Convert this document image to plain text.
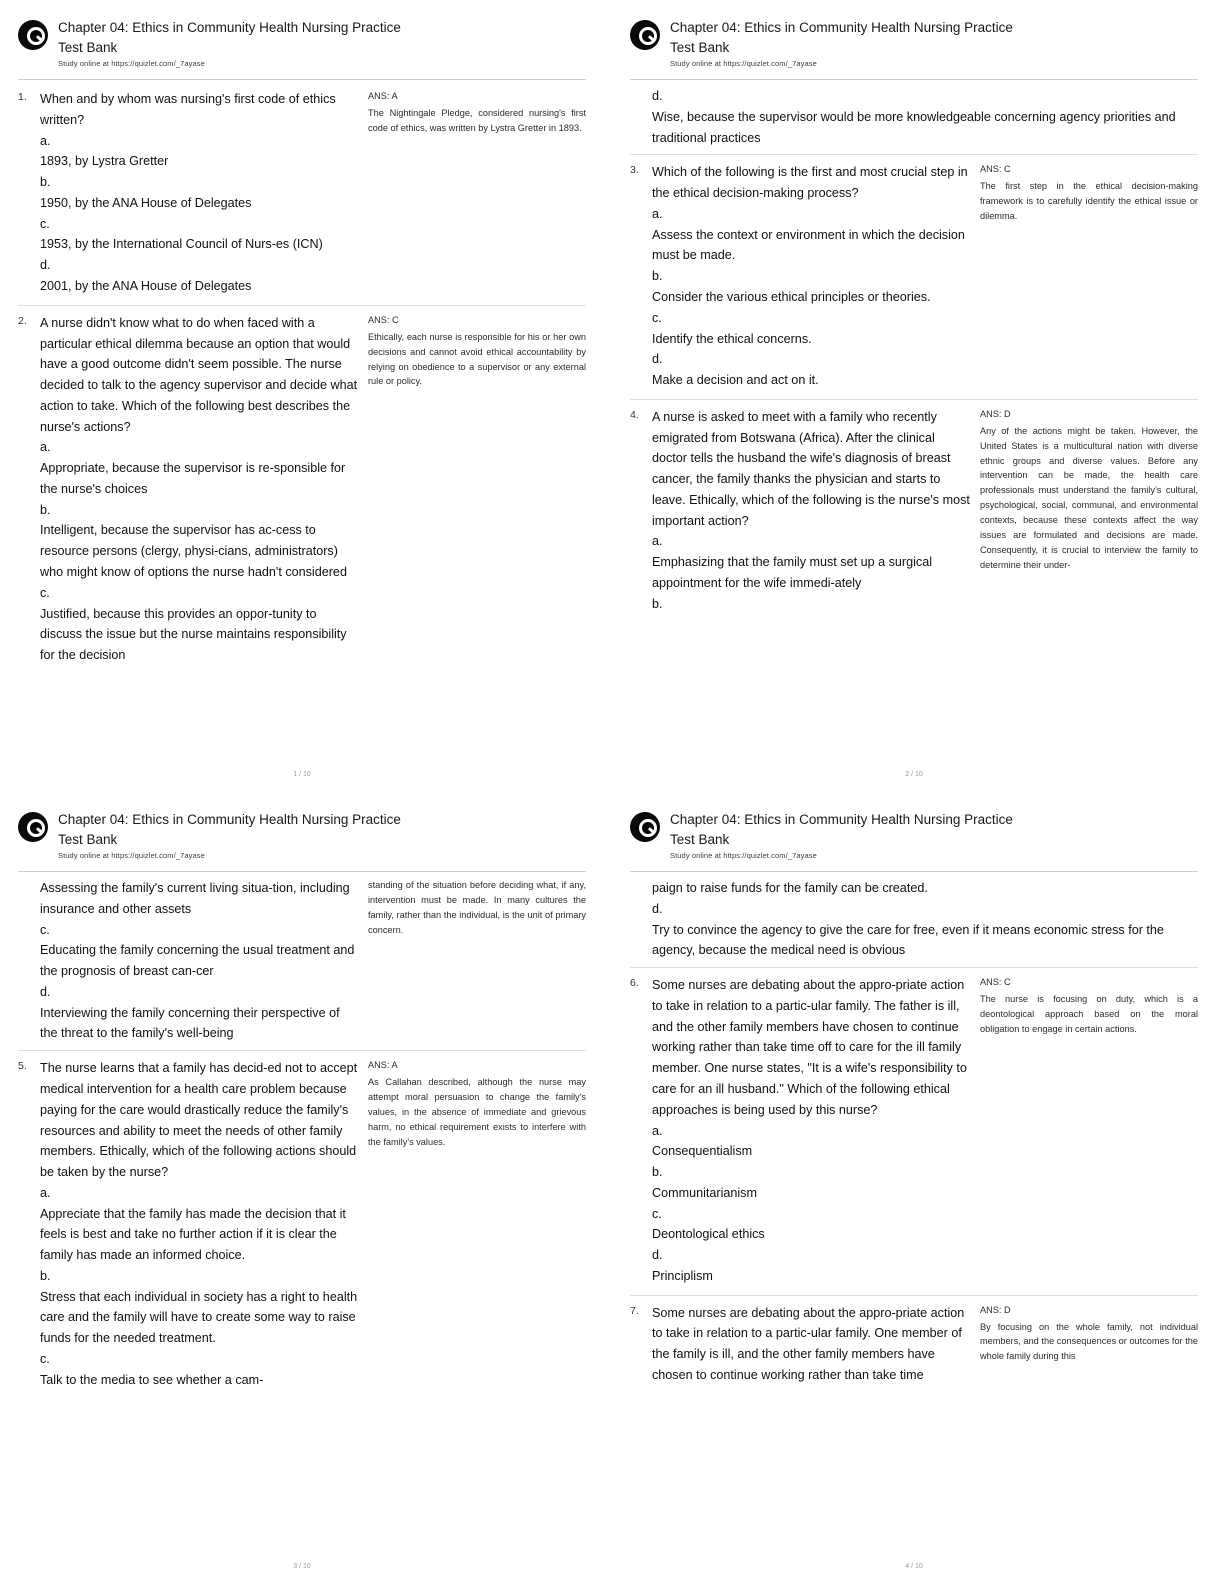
Chapter 04: Ethics in Community Health Nursing Practice
Test Bank
Study online at https://quizlet.com/_7ayase
1.	When and by whom was nursing's first code of ethics written?
a.
1893, by Lystra Gretter
b.
1950, by the ANA House of Delegates
c.
1953, by the International Council of Nurs-es (ICN)
d.
2001, by the ANA House of Delegates
ANS: A
The Nightingale Pledge, considered nursing's first code of ethics, was written by Lystra Gretter in 1893.
2.	A nurse didn't know what to do when faced with a particular ethical dilemma because an option that would have a good outcome didn't seem possible. The nurse decided to talk to the agency supervisor and decide what action to take. Which of the following best describes the nurse's actions?
a.
Appropriate, because the supervisor is re-sponsible for the nurse's choices
b.
Intelligent, because the supervisor has ac-cess to resource persons (clergy, physi-cians, administrators) who might know of options the nurse hadn't considered
c.
Justified, because this provides an oppor-tunity to discuss the issue but the nurse maintains responsibility for the decision
ANS: C
Ethically, each nurse is responsible for his or her own decisions and cannot avoid ethical accountability by relying on obedience to a supervisor or any external rule or policy.
1 / 10
Chapter 04: Ethics in Community Health Nursing Practice
Test Bank
Study online at https://quizlet.com/_7ayase
d.
Wise, because the supervisor would be more knowledgeable concerning agency priorities and traditional practices
3.	Which of the following is the first and most crucial step in the ethical decision-making process?
a.
Assess the context or environment in which the decision must be made.
b.
Consider the various ethical principles or theories.
c.
Identify the ethical concerns.
d.
Make a decision and act on it.
ANS: C
The first step in the ethical decision-making framework is to carefully identify the ethical issue or dilemma.
4.	A nurse is asked to meet with a family who recently emigrated from Botswana (Africa). After the clinical doctor tells the husband the wife's diagnosis of breast cancer, the family thanks the physician and starts to leave. Ethically, which of the following is the nurse's most important action?
a.
Emphasizing that the family must set up a surgical appointment for the wife immedi-ately
b.
ANS: D
Any of the actions might be taken. However, the United States is a multicultural nation with diverse ethnic groups and diverse values. Before any intervention can be made, the health care professionals must understand the family's cultural, psychological, social, communal, and environmental contexts, because these contexts affect the way issues are formulated and decisions are made. Consequently, it is crucial to interview the family to determine their under-
2 / 10
Chapter 04: Ethics in Community Health Nursing Practice
Test Bank
Study online at https://quizlet.com/_7ayase
Assessing the family's current living situa-tion, including insurance and other assets
c.
Educating the family concerning the usual treatment and the prognosis of breast can-cer
d.
Interviewing the family concerning their perspective of the threat to the family's well-being
standing of the situation before deciding what, if any, intervention must be made. In many cultures the family, rather than the individual, is the unit of primary concern.
5.	The nurse learns that a family has decid-ed not to accept medical intervention for a health care problem because paying for the care would drastically reduce the family's resources and ability to meet the needs of other family members. Ethically, which of the following actions should be taken by the nurse?
a.
Appreciate that the family has made the decision that it feels is best and take no further action if it is clear the family has made an informed choice.
b.
Stress that each individual in society has a right to health care and the family will have to create some way to raise funds for the needed treatment.
c.
Talk to the media to see whether a cam-
ANS: A
As Callahan described, although the nurse may attempt moral persuasion to change the family's values, in the absence of immediate and grievous harm, no ethical requirement exists to interfere with the family's values.
3 / 10
Chapter 04: Ethics in Community Health Nursing Practice
Test Bank
Study online at https://quizlet.com/_7ayase
paign to raise funds for the family can be created.
d.
Try to convince the agency to give the care for free, even if it means economic stress for the agency, because the medical need is obvious
6.	Some nurses are debating about the appro-priate action to take in relation to a partic-ular family. The father is ill, and the other family members have chosen to continue working rather than take time off to care for the ill family member. One nurse states, "It is a wife's responsibility to care for an ill husband." Which of the following ethical approaches is being used by this nurse?
a.
Consequentialism
b.
Communitarianism
c.
Deontological ethics
d.
Principlism
ANS: C
The nurse is focusing on duty, which is a deontological approach based on the moral obligation to engage in certain actions.
7.	Some nurses are debating about the appro-priate action to take in relation to a partic-ular family. One member of the family is ill, and the other family members have chosen to continue working rather than take time
ANS: D
By focusing on the whole family, not individual members, and the consequences or outcomes for the whole family during this
4 / 10
